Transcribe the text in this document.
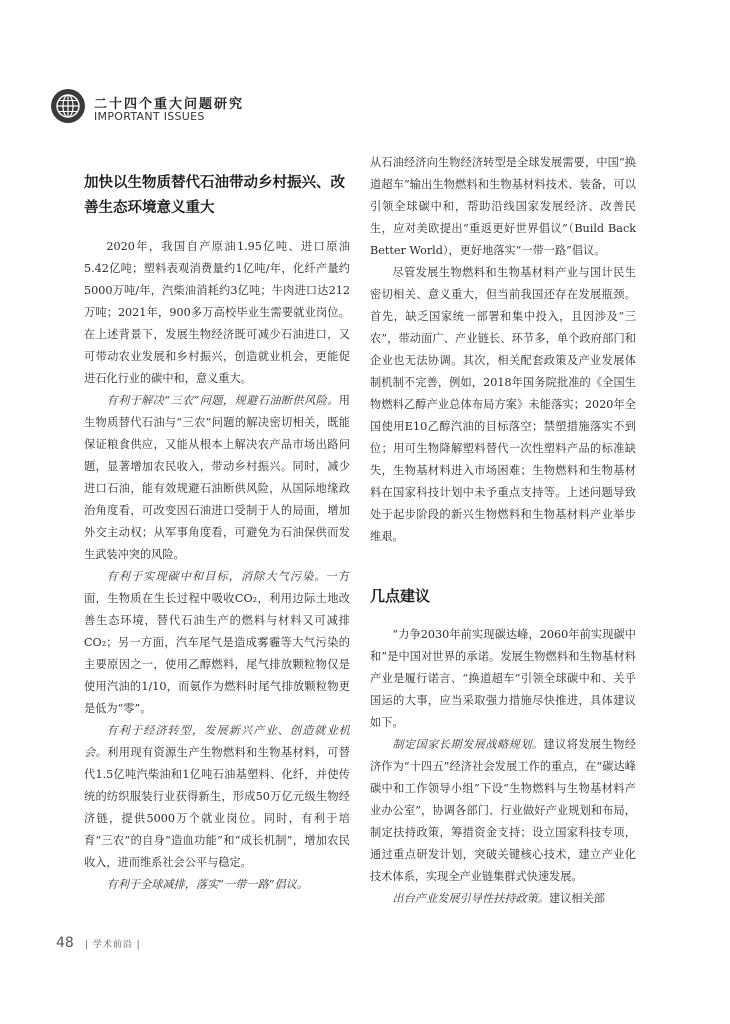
二十四个重大问题研究
IMPORTANT ISSUES
加快以生物质替代石油带动乡村振兴、改善生态环境意义重大

2020年，我国自产原油1.95亿吨、进口原油5.42亿吨；塑料表观消费量约1亿吨/年，化纤产量约5000万吨/年，汽柴油消耗约3亿吨；牛肉进口达212万吨；2021年，900多万高校毕业生需要就业岗位。在上述背景下，发展生物经济既可减少石油进口，又可带动农业发展和乡村振兴，创造就业机会，更能促进石化行业的碳中和，意义重大。

有利于解决“三农”问题，规避石油断供风险。用生物质替代石油与“三农”问题的解决密切相关，既能保证粮食供应，又能从根本上解决农产品市场出路问题，显著增加农民收入，带动乡村振兴。同时，减少进口石油，能有效规避石油断供风险，从国际地缘政治角度看，可改变因石油进口受制于人的局面，增加外交主动权；从军事角度看，可避免为石油保供而发生武装冲突的风险。

有利于实现碳中和目标，消除大气污染。一方面，生物质在生长过程中吸收CO₂，利用边际土地改善生态环境，替代石油生产的燃料与材料又可减排CO₂；另一方面，汽车尾气是造成雾霾等大气污染的主要原因之一，使用乙醇燃料，尾气排放颗粒物仅是使用汽油的1/10，而氨作为燃料时尾气排放颗粒物更是低为“零”。

有利于经济转型，发展新兴产业、创造就业机会。利用现有资源生产生物燃料和生物基材料，可替代1.5亿吨汽柴油和1亿吨石油基塑料、化纤，并使传统的纺织服装行业获得新生，形成50万亿元级生物经济链，提供5000万个就业岗位。同时，有利于培育“三农”的自身“造血功能”和“成长机制”，增加农民收入，进而维系社会公平与稳定。

有利于全球减排，落实“一带一路”倡议。

从石油经济向生物经济转型是全球发展需要，中国“换道超车”输出生物燃料和生物基材料技术、装备，可以引领全球碳中和，帮助沿线国家发展经济、改善民生，应对美欧提出“重返更好世界倡议”（Build Back Better World），更好地落实“一带一路”倡议。

尽管发展生物燃料和生物基材料产业与国计民生密切相关、意义重大，但当前我国还存在发展瓶颈。首先，缺乏国家统一部署和集中投入，且因涉及“三农”，带动面广、产业链长、环节多，单个政府部门和企业也无法协调。其次，相关配套政策及产业发展体制机制不完善，例如，2018年国务院批准的《全国生物燃料乙醇产业总体布局方案》未能落实；2020年全国使用E10乙醇汽油的目标落空；禁塑措施落实不到位；用可生物降解塑料替代一次性塑料产品的标准缺失，生物基材料进入市场困难；生物燃料和生物基材料在国家科技计划中未予重点支持等。上述问题导致处于起步阶段的新兴生物燃料和生物基材料产业举步维艰。

几点建议

“力争2030年前实现碳达峰，2060年前实现碳中和”是中国对世界的承诺。发展生物燃料和生物基材料产业是履行诺言、“换道超车”引领全球碳中和、关乎国运的大事，应当采取强力措施尽快推进，具体建议如下。

制定国家长期发展战略规划。建议将发展生物经济作为“十四五”经济社会发展工作的重点，在“碳达峰碳中和工作领导小组”下设“生物燃料与生物基材料产业办公室”，协调各部门、行业做好产业规划和布局，制定扶持政策，筹措资金支持；设立国家科技专项，通过重点研发计划，突破关键核心技术，建立产业化技术体系，实现全产业链集群式快速发展。

出台产业发展引导性扶持政策。建议相关部

48 | 学术前沿 |
